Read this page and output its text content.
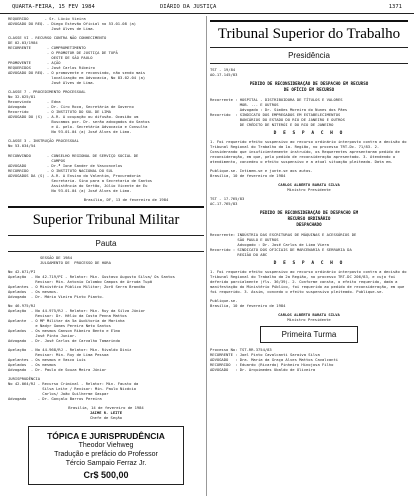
QUARTA-FEIRA, 15 FEV 1984	DIÁRIO DA JUSTIÇA	1371
REQUERIDO       - Sr. Lúcio Vieira
ADVOGADO DO REQ. - Diego Estevão Oficial no 53.01.08 (a)
José Alves de Lima.
CLASSE VI - RECURSO CONTRA NÃO CONHECIMENTO
DE 02.03/1984
RECORRENTE       - COMPROMETIMENTO
- O PROMOTOR DE JUSTIÇA DE TUPÃ
OESTE DE SÃO PAULO
PROMOVENTE       - AÇÃO
REQUERIDOS       - José Carlos Ribeiro
ADVOGADO DO REQ. - O promovente e reconvindo, não sendo mais
localização em Advocacia, No 83.02.04 (a)
José Alves de Lima.
CLASSE 7 - PROCEDIMENTO PROCESSUAL
No 32.025/81
Reconvindo       - Edna
Advogado         - Dr. Ciro Roca, Secretária de Governo
Recorrido        - O INSTITUTO DO SUL DE LIMA
ADVOGADO DO (S)  - A.R. A ocupação ou difusão. Ocasião um
Buscamos por. Dr. serão advogados do Santos
e A. pelo. Secretária Advocacia e Consulta
No 93.01.04 (a) José Alves de Lima.
CLASSE 3 - INSTRUÇÃO PROCESSUAL
No 53.034/54

RECONVINDO       - CONSELHO REGIONAL DE SERVIÇO SOCIAL DE
CAMPOS
ADVOGADO         - Dr.ª Ione Sander de Vasconcelos
RECORRIDO        - O INSTITUTO NACIONAL DO SUL
ADVOGADOS DA (S) - A.R. A Ensino do Valentim, Procuradoria
Secretaria. Sino para a Secretaria de Santos
Assistência do Sertão, Júlio Vicente de Eu
No 93.01.04 (a) José Alves de Lima.
Brasília, DF, 13 de fevereiro de 1984
Superior Tribunal Militar
Pauta
SESSÃO DE 1984
JULGAMENTO DE  PROCESSO DE HORA
No 42.071/PI
Apelação  - No 42.719/PI - Relator: Min. Gustavo Augusto Silva/ Os Santos
Revisor: Min. Antonio Colombo Campos de Arruda Tupã
Apelantes - O Ministério Público Militar; Zorô Serra Brandão
Apelados  - Os mesmos.
Advogado  - Dr. Mário Vieira Pinto Pianto.
No 46.975/RJ
Apelação  - No 44.975/RJ - Relator: Min. Ruy da Silva Júnior
Revisor: Dr. Hélio da Costa Penna Mattos
Apelante  - O MP Militar da 5a Auditoria de Marinha
e Nadyr Gomes Pereira Neto Santos
Apelados  - Os mesmos Ganson Ribeiro Bento e Elmo
José Pinto Junior.
Advogado  - Dr. José Carlos de Carvalho Tamarindo
Apelação  - No 44.968/RJ - Relator: Min. Rivaldo Diniz
Revisor: Min. Ruy de Lima Pessoa
Apelantes - Os mesmos e Vasco Luís
Apelados  - Os mesmos
Advogado  - Dr. Paulo de Souza Meira Júnior
JURISPRUDÊNCIA
No 42.064/RJ - Recurso Criminal - Relator: Min. Fausto da
Silva Leite / Revisor: Min. Paulo Nicácio
Carlos/ João Guilherme Gaspar
Advogado     - Dr. Gonçalo Barros Pereira
Brasília, 14 de fevereiro de 1984
JAIME R. LEITE
Chefe de Seção
TÓPICA E JURISPRUDÊNCIA
Theodor Viehweg
Tradução e prefácio do Professor
Tércio Sampaio Ferraz Jr.
Cr$ 500,00
Tribunal Superior do Trabalho
Presidência
TST - 19/84
AO-17.145/83
PEDIDO DE RECONSIDERAÇÃO DE DESPACHO EM RECURSO
DE OFÍCIO EM RECURSO
Recorrente : HOSPITAL - DISTRIBUIDORA DE TÍTULOS E VALORES
MOB. ... E OUTROS
Advogado : Dr. Simões Moreira do Nunes dos Pães
Recorrido  : SINDICATO DOS EMPREGADOS EM ESTABELECIMENTOS
BANCÁRIOS DO ESTADO DO RIO DE JANEIRO E OUTROS
DE CRÉDITO DE NITERÓI E DO RIO DE JANEIRO
D E S P A C H O
1. Foi requerido efeito suspensivo ao recurso ordinário interposto contra a decisão do Tribunal Regional do Trabalho da 1a. Região, no processo TRT-Dc. 71/83. 2. Considerando que insuficientemente instruído, os Requerentes apresentaram pedido de reconsideração, em que, pelo pedido de reconsideração apresentado. 3. Atendendo o atendimento, concedeu o efeito suspensivo e a atual situação pleiteada. Data em.
Publique-se. Intimem-se e junte-se aos autos.
Brasília, 10 de fevereiro de 1984
CARLOS ALBERTO BARATA SILVA
Ministro Presidente
TST - 17.765/83
AC-17.765/83
PEDIDO DE RECONSIDERAÇÃO DE DESPACHO EM
RECURSO ORDINÁRIO
DESPACHADO
Recorrente: INDÚSTRIA DAS ESCRITURAS DE MÁQUINAS E ACESSÓRIOS DE
SÃO PAULO E OUTROS
Advogado : Dr. José Carlos de Lima Viera
Recorrido : SINDICATO DOS OFICIAIS DE MARCENARIA E SERRARIA DA
REGIÃO DO ABC
D E S P A C H O
1. Foi requerido efeito suspensivo ao recurso ordinário interposto contra a decisão do Tribunal Regional do Trabalho da 2a Região, no processo TRT-DC 206/83, e cujo foi deferido parcialmente (fls. 36/39). 2. Conforme consta, o efeito requerido, dada a manifestação do Ministério Público, foi requerido ao pedido de reconsideração, em que foi requerido. 3. Assim, concedo o efeito suspensivo pleiteado. Publique-se.
Publique-se.
Brasília, 10 de fevereiro de 1984
CARLOS ALBERTO BARATA SILVA
Ministro Presidente
Primeira Turma
Processo No: TST-RR-3754/83
RECORRENTE : Joel Pinto Cavalcanti Saraiva Silva
ADVOGADO   : Dra. Maria da Graça Alves Mattos Cavalcanti
RECORRIDO  : Eduardo (Ricardo) Pinheiro Hinojosa Filho
ADVOGADO   : Dr. Arquimedes Ubaldo de Oliveira
